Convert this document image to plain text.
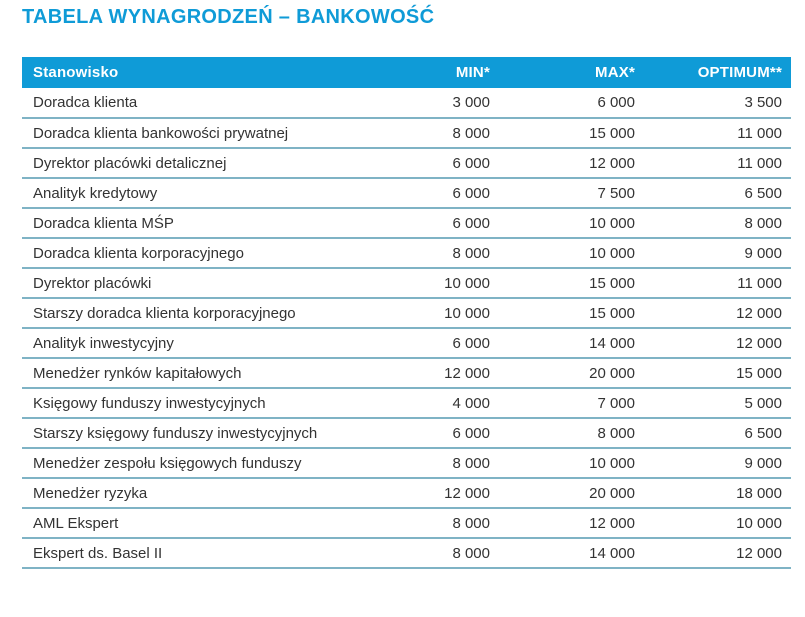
TABELA WYNAGRODZEŃ – BANKOWOŚĆ
Stanowisko	MIN*	MAX*	OPTIMUM**
Doradca klienta	3 000	6 000	3 500
Doradca klienta bankowości prywatnej	8 000	15 000	11 000
Dyrektor placówki detalicznej	6 000	12 000	11 000
Analityk kredytowy	6 000	7 500	6 500
Doradca klienta MŚP	6 000	10 000	8 000
Doradca klienta korporacyjnego	8 000	10 000	9 000
Dyrektor placówki	10 000	15 000	11 000
Starszy doradca klienta korporacyjnego	10 000	15 000	12 000
Analityk inwestycyjny	6 000	14 000	12 000
Menedżer rynków kapitałowych	12 000	20 000	15 000
Księgowy funduszy inwestycyjnych	4 000	7 000	5 000
Starszy księgowy funduszy inwestycyjnych	6 000	8 000	6 500
Menedżer zespołu księgowych funduszy	8 000	10 000	9 000
Menedżer ryzyka	12 000	20 000	18 000
AML Ekspert	8 000	12 000	10 000
Ekspert ds. Basel II	8 000	14 000	12 000
